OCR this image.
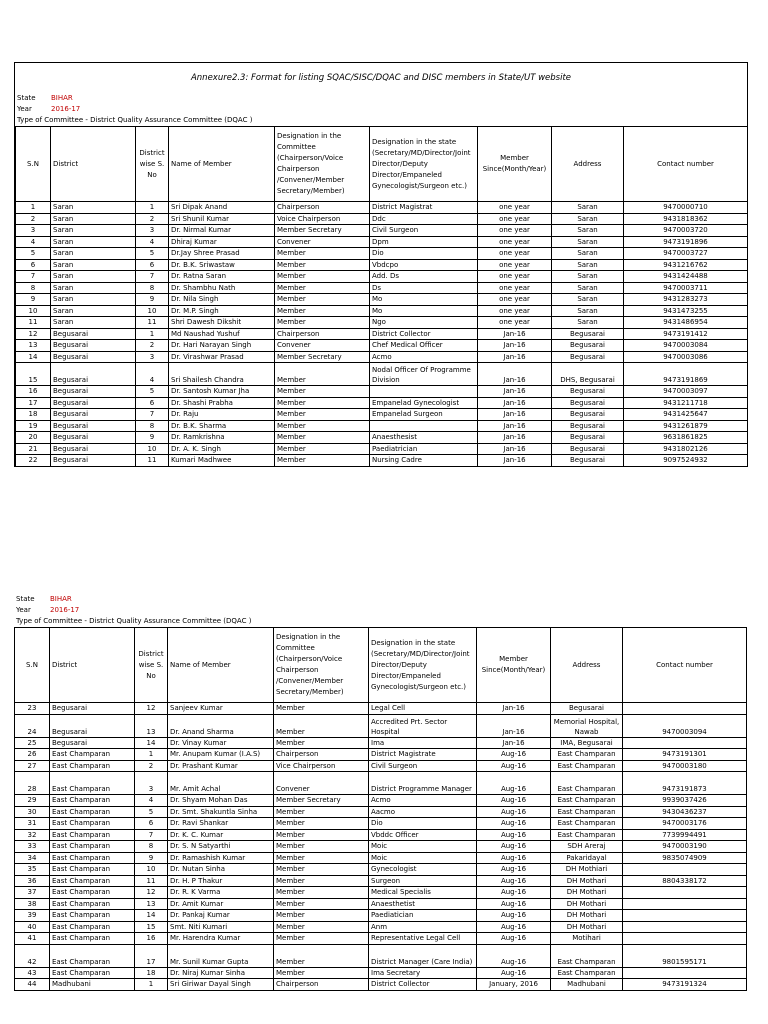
Annexure2.3: Format for listing SQAC/SISC/DQAC and DISC members in State/UT website
State BIHAR
Year	2016-17
Type of Committee - District Quality Assurance Committee (DQAC )
S.N	District	District wise S. No	Name of Member	Designation in the Committee (Chairperson/Voice Chairperson /Convener/Member Secretary/Member)	Designation in the state (Secretary/MD/Director/Joint Director/Deputy Director/Empaneled Gynecologist/Surgeon etc.)	Member Since(Month/Year)	Address	Contact number
1	Saran	1	Sri Dipak Anand	Chairperson	District Magistrat	one year	Saran	9470000710
2	Saran	2	Sri Shunil Kumar	Voice Chairperson	Ddc	one year	Saran	9431818362
3	Saran	3	Dr. Nirmal Kumar	Member Secretary	Civil Surgeon	one year	Saran	9470003720
4	Saran	4	Dhiraj Kumar	Convener	Dpm	one year	Saran	9473191896
5	Saran	5	Dr.Jay Shree Prasad	Member	Dio	one year	Saran	9470003727
6	Saran	6	Dr. B.K. Sriwastaw	Member	Vbdcpo	one year	Saran	9431216762
7	Saran	7	Dr. Ratna Saran	Member	Add. Ds	one year	Saran	9431424488
8	Saran	8	Dr. Shambhu Nath	Member	Ds	one year	Saran	9470003711
9	Saran	9	Dr. Nila Singh	Member	Mo	one year	Saran	9431283273
10	Saran	10	Dr. M.P. Singh	Member	Mo	one year	Saran	9431473255
11	Saran	11	Shri Dawesh Dikshit	Member	Ngo	one year	Saran	9431486954
12	Begusarai	1	Md Naushad Yushuf	Chairperson	District Collector	Jan-16	Begusarai	9473191412
13	Begusarai	2	Dr. Hari Narayan Singh	Convener	Chef Medical Officer	Jan-16	Begusarai	9470003084
14	Begusarai	3	Dr. Virashwar Prasad	Member Secretary	Acmo	Jan-16	Begusarai	9470003086
15	Begusarai	4	Sri Shailesh Chandra	Member	Nodal Officer Of Programme Division	Jan-16	DHS, Begusarai	9473191869
16	Begusarai	5	Dr. Santosh Kumar Jha	Member		Jan-16	Begusarai	9470003097
17	Begusarai	6	Dr. Shashi Prabha	Member	Empanelad Gynecologist	Jan-16	Begusarai	9431211718
18	Begusarai	7	Dr. Raju	Member	Empanelad Surgeon	Jan-16	Begusarai	9431425647
19	Begusarai	8	Dr. B.K. Sharma	Member		Jan-16	Begusarai	9431261879
20	Begusarai	9	Dr. Ramkrishna	Member	Anaesthesist	Jan-16	Begusarai	9631861825
21	Begusarai	10	Dr. A. K. Singh	Member	Paediatrician	Jan-16	Begusarai	9431802126
22	Begusarai	11	Kumari Madhwee	Member	Nursing Cadre	Jan-16	Begusarai	9097524932
State BIHAR
Year	2016-17
Type of Committee - District Quality Assurance Committee (DQAC )
S.N	District	District wise S. No	Name of Member	Designation in the Committee (Chairperson/Voice Chairperson /Convener/Member Secretary/Member)	Designation in the state (Secretary/MD/Director/Joint Director/Deputy Director/Empaneled Gynecologist/Surgeon etc.)	Member Since(Month/Year)	Address	Contact number
23	Begusarai	12	Sanjeev Kumar	Member	Legal Cell	Jan-16	Begusarai	
24	Begusarai	13	Dr. Anand Sharma	Member	Accredited Prt. Sector Hospital	Jan-16	Memorial Hospital, Nawab	9470003094
25	Begusarai	14	Dr. Vinay Kumar	Member	Ima	Jan-16	IMA, Begusarai	
26	East Champaran	1	Mr. Anupam Kumar (I.A.S)	Chairperson	District Magistrate	Aug-16	East Champaran	9473191301
27	East Champaran	2	Dr. Prashant Kumar	Vice Chairperson	Civil Surgeon	Aug-16	East Champaran	9470003180
28	East Champaran	3	Mr. Amit Achal	Convener	District Programme Manager	Aug-16	East Champaran	9473191873
29	East Champaran	4	Dr. Shyam Mohan Das	Member Secretary	Acmo	Aug-16	East Champaran	9939037426
30	East Champaran	5	Dr. Smt. Shakuntla Sinha	Member	Aacmo	Aug-16	East Champaran	9430436237
31	East Champaran	6	Dr. Ravi Shankar	Member	Dio	Aug-16	East Champaran	9470003176
32	East Champaran	7	Dr. K. C. Kumar	Member	Vbddc Officer	Aug-16	East Champaran	7739994491
33	East Champaran	8	Dr. S. N Satyarthi	Member	Moic	Aug-16	SDH Areraj	9470003190
34	East Champaran	9	Dr. Ramashish Kumar	Member	Moic	Aug-16	Pakaridayal	9835074909
35	East Champaran	10	Dr. Nutan Sinha	Member	Gynecologist	Aug-16	DH Mothiari	
36	East Champaran	11	Dr. H. P Thakur	Member	Surgeon	Aug-16	DH Mothari	8804338172
37	East Champaran	12	Dr. R. K Varma	Member	Medical Specialis	Aug-16	DH Mothari	
38	East Champaran	13	Dr. Amit Kumar	Member	Anaesthetist	Aug-16	DH Mothari	
39	East Champaran	14	Dr. Pankaj Kumar	Member	Paediatician	Aug-16	DH Mothari	
40	East Champaran	15	Smt. Niti Kumari	Member	Anm	Aug-16	DH Mothari	
41	East Champaran	16	Mr. Harendra Kumar	Member	Representative Legal Cell	Aug-16	Motihari	
42	East Champaran	17	Mr. Sunil Kumar Gupta	Member	District Manager (Care India)	Aug-16	East Champaran	9801595171
43	East Champaran	18	Dr. Niraj Kumar Sinha	Member	Ima Secretary	Aug-16	East Champaran	
44	Madhubani	1	Sri Giriwar Dayal Singh	Chairperson	District Collector	January, 2016	Madhubani	9473191324
